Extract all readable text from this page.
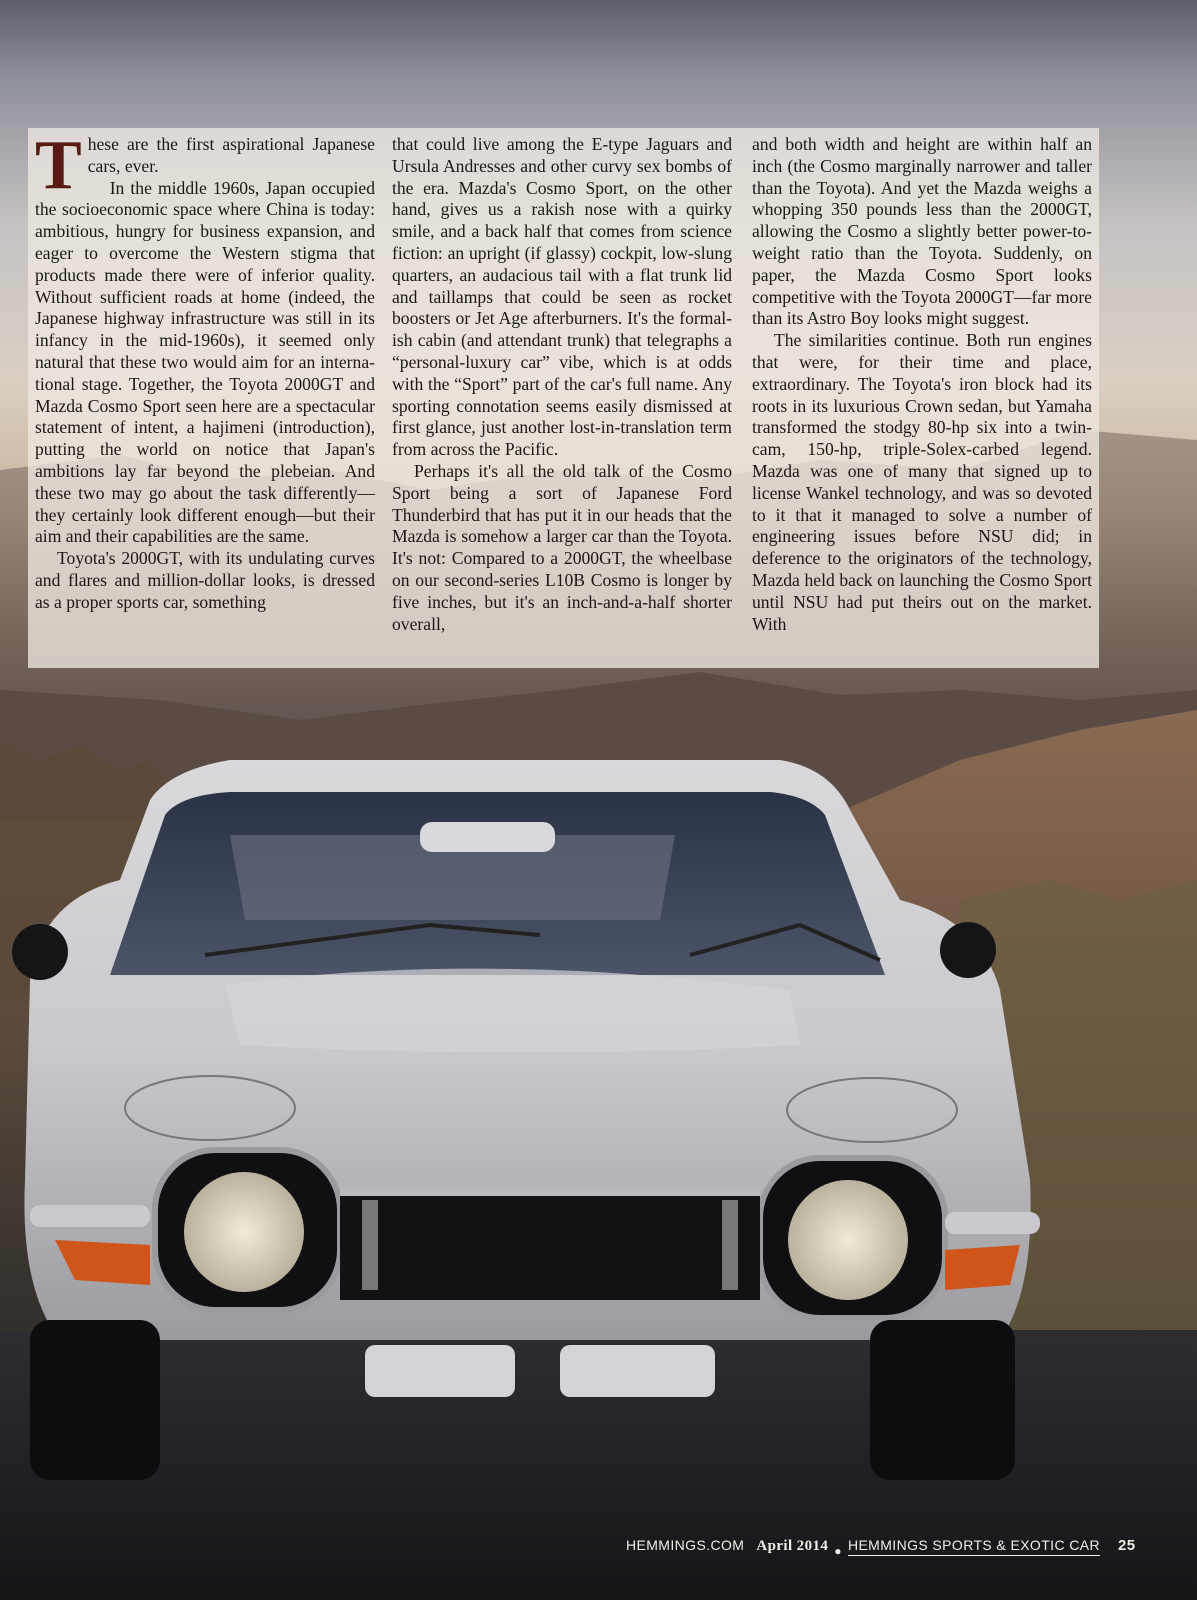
These are the first aspirational Japanese cars, ever.

In the middle 1960s, Japan occupied the socioeconomic space where China is today: ambitious, hungry for business expansion, and eager to overcome the Western stigma that products made there were of inferior quality. Without sufficient roads at home (indeed, the Japanese highway infrastructure was still in its infancy in the mid-1960s), it seemed only natural that these two would aim for an international stage. Together, the Toyota 2000GT and Mazda Cosmo Sport seen here are a spectacular statement of intent, a hajimeni (introduction), putting the world on notice that Japan's ambitions lay far beyond the plebeian. And these two may go about the task differently—they certainly look different enough—but their aim and their capabilities are the same.

Toyota's 2000GT, with its undulating curves and flares and million-dollar looks, is dressed as a proper sports car, something

that could live among the E-type Jaguars and Ursula Andresses and other curvy sex bombs of the era. Mazda's Cosmo Sport, on the other hand, gives us a rakish nose with a quirky smile, and a back half that comes from science fiction: an upright (if glassy) cockpit, low-slung quarters, an audacious tail with a flat trunk lid and taillamps that could be seen as rocket boosters or Jet Age afterburners. It's the formal-ish cabin (and attendant trunk) that telegraphs a “personal-luxury car” vibe, which is at odds with the “Sport” part of the car's full name. Any sporting connotation seems easily dismissed at first glance, just another lost-in-translation term from across the Pacific.

Perhaps it's all the old talk of the Cosmo Sport being a sort of Japanese Ford Thunderbird that has put it in our heads that the Mazda is somehow a larger car than the Toyota. It's not: Compared to a 2000GT, the wheelbase on our second-series L10B Cosmo is longer by five inches, but it's an inch-and-a-half shorter overall,

and both width and height are within half an inch (the Cosmo marginally narrower and taller than the Toyota). And yet the Mazda weighs a whopping 350 pounds less than the 2000GT, allowing the Cosmo a slightly better power-to-weight ratio than the Toyota. Suddenly, on paper, the Mazda Cosmo Sport looks competitive with the Toyota 2000GT—far more than its Astro Boy looks might suggest.

The similarities continue. Both run engines that were, for their time and place, extraordinary. The Toyota's iron block had its roots in its luxurious Crown sedan, but Yamaha transformed the stodgy 80-hp six into a twin-cam, 150-hp, triple-Solex-carbed legend. Mazda was one of many that signed up to license Wankel technology, and was so devoted to it that it managed to solve a number of engineering issues before NSU did; in deference to the originators of the technology, Mazda held back on launching the Cosmo Sport until NSU had put theirs out on the market. With

HEMMINGS.COM April 2014 ● HEMMINGS SPORTS & EXOTIC CAR 25
